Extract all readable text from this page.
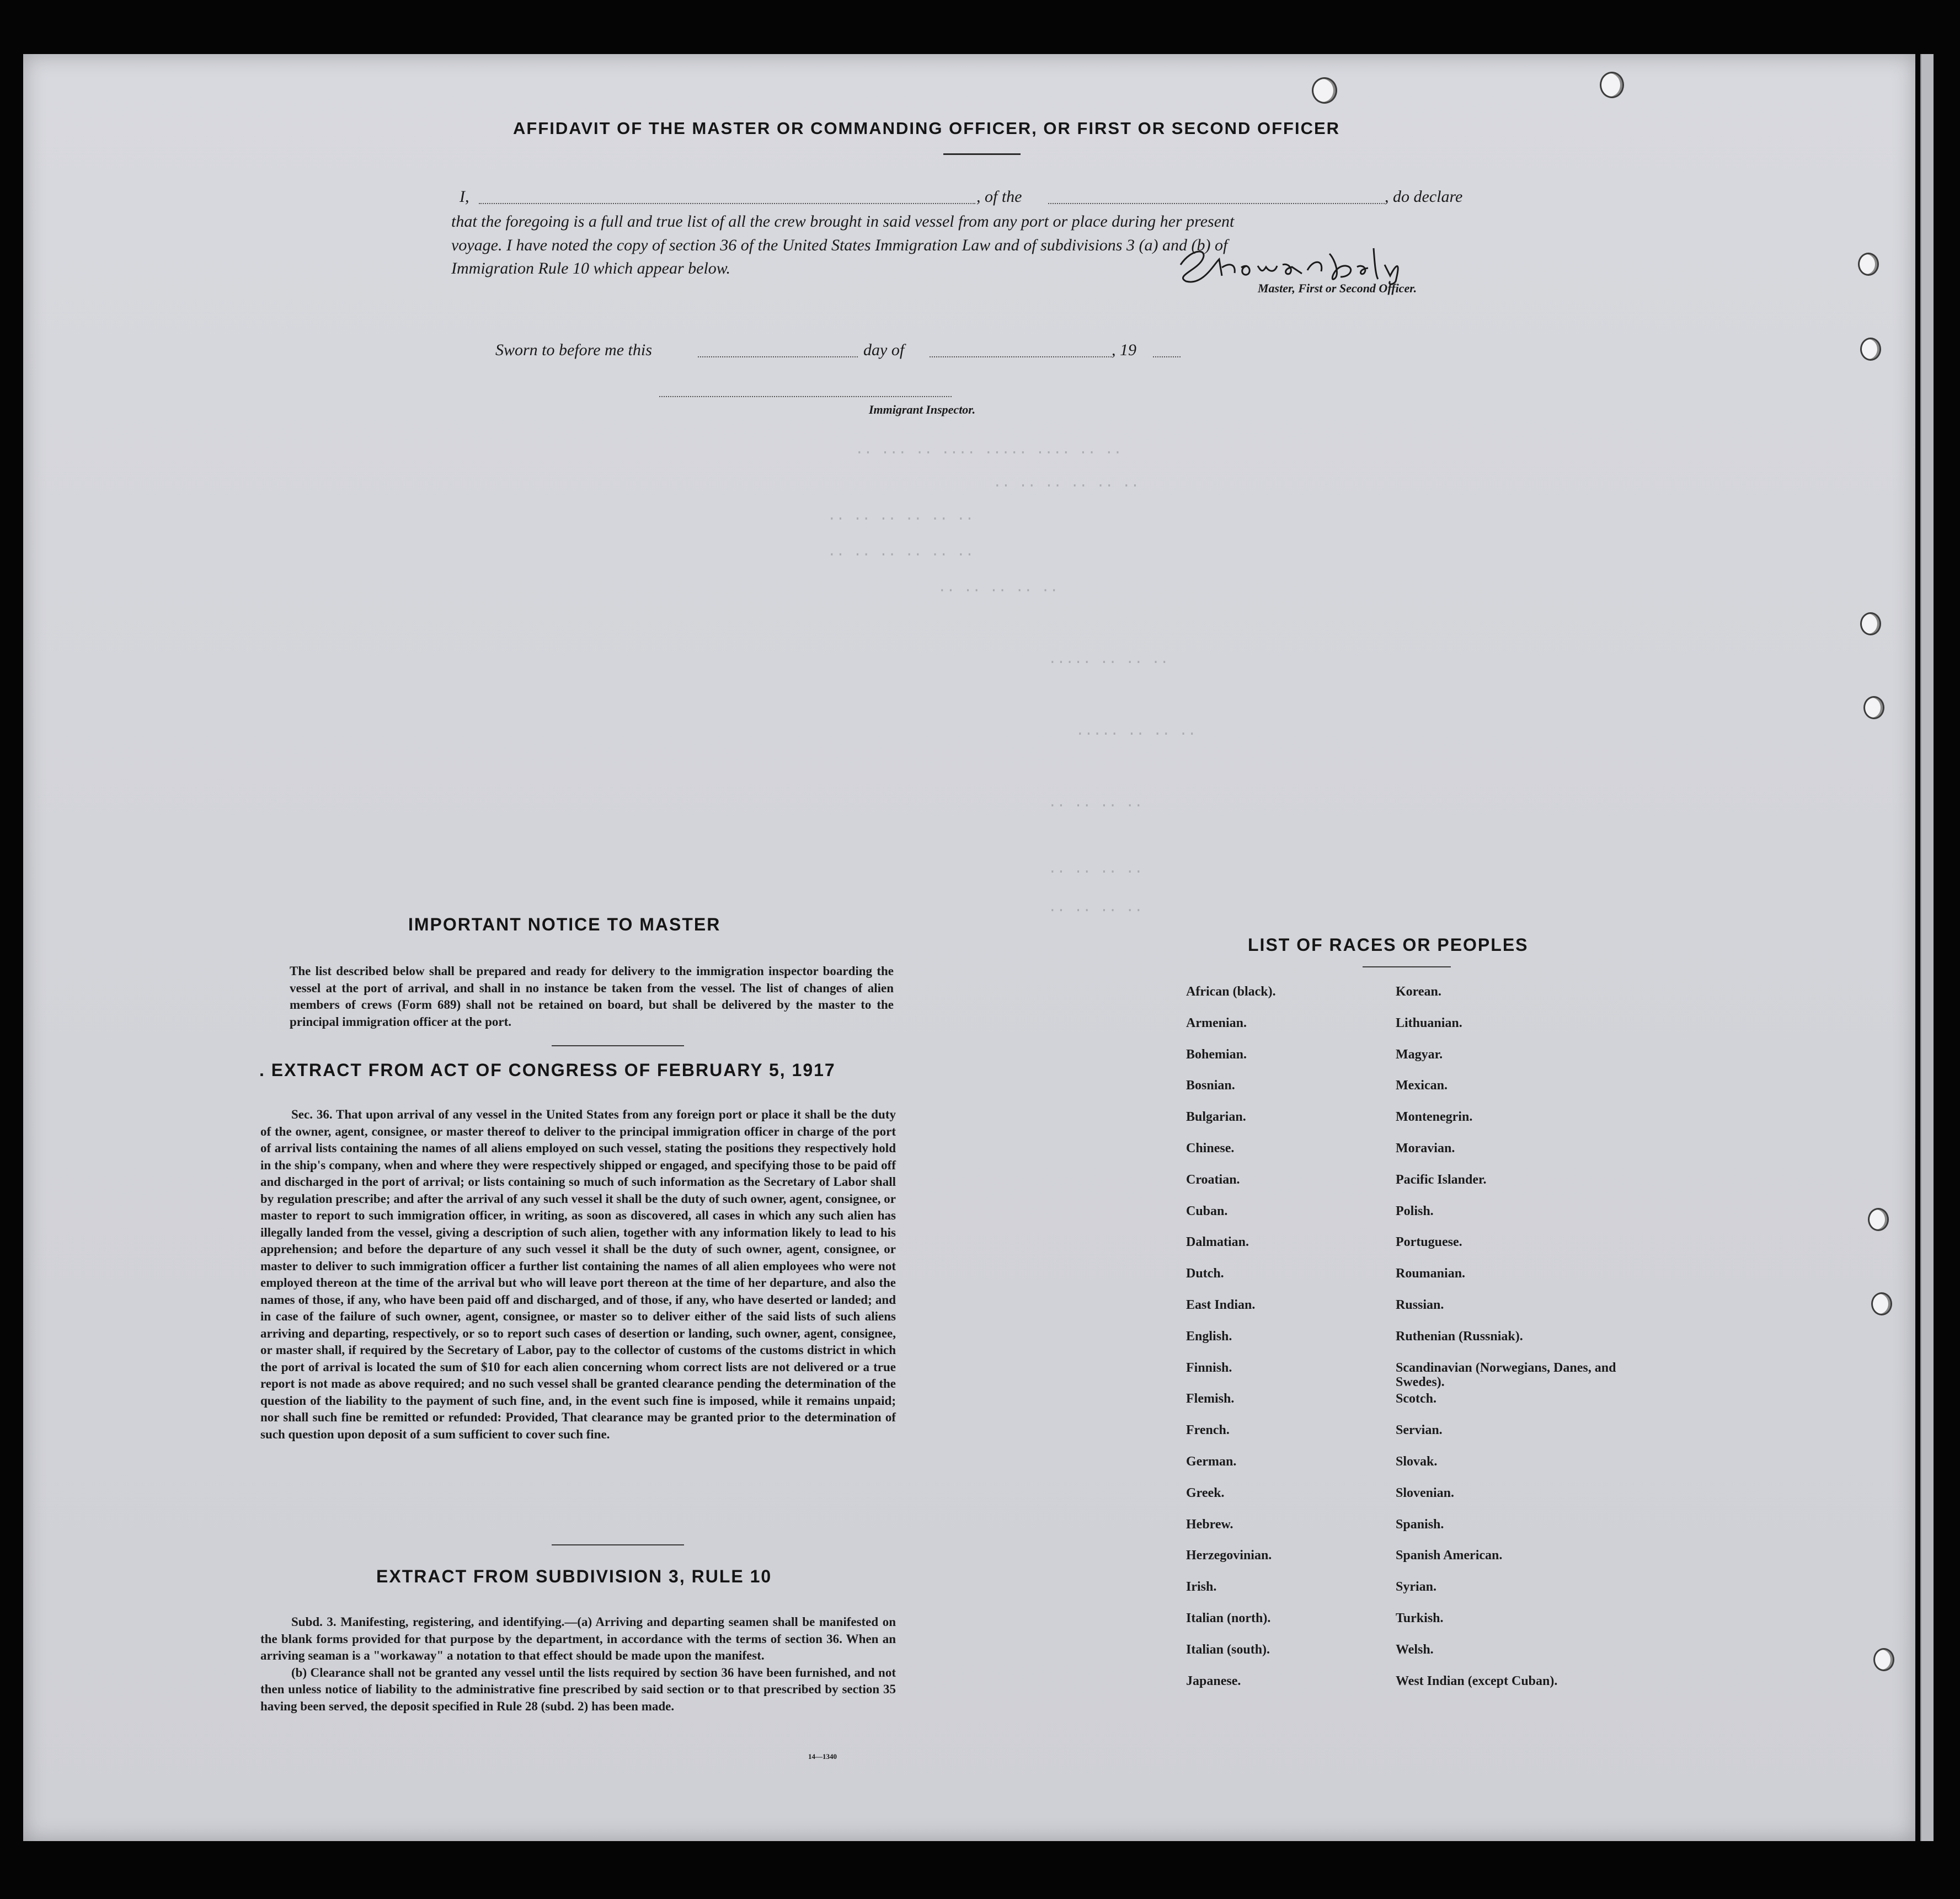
AFFIDAVIT OF THE MASTER OR COMMANDING OFFICER, OR FIRST OR SECOND OFFICER
I,	, of the	, do declare
that the foregoing is a full and true list of all the crew brought in said vessel from any port or place during her present
voyage. I have noted the copy of section 36 of the United States Immigration Law and of subdivisions 3 (a) and (b) of
Immigration Rule 10 which appear below.
Master, First or Second Officer.
Sworn to before me this	day of	, 19
Immigrant Inspector.
.. ... .. .... ..... .... .. ..
.. .. .. .. .. ..
.. .. .. .. .. ..
.. .. .. .. .. ..
.. .. .. .. ..
..... .. .. ..
..... .. .. ..
.. .. .. ..
.. .. .. ..
.. .. .. ..
IMPORTANT NOTICE TO MASTER
The list described below shall be prepared and ready for delivery to the immigration inspector boarding the vessel at the port of arrival, and shall in no instance be taken from the vessel. The list of changes of alien members of crews (Form 689) shall not be retained on board, but shall be delivered by the master to the principal immigration officer at the port.
. EXTRACT FROM ACT OF CONGRESS OF FEBRUARY 5, 1917
Sec. 36. That upon arrival of any vessel in the United States from any foreign port or place it shall be the duty of the owner, agent, consignee, or master thereof to deliver to the principal immigration officer in charge of the port of arrival lists containing the names of all aliens employed on such vessel, stating the positions they respectively hold in the ship's company, when and where they were respectively shipped or engaged, and specifying those to be paid off and discharged in the port of arrival; or lists containing so much of such information as the Secretary of Labor shall by regulation prescribe; and after the arrival of any such vessel it shall be the duty of such owner, agent, consignee, or master to report to such immigration officer, in writing, as soon as discovered, all cases in which any such alien has illegally landed from the vessel, giving a description of such alien, together with any information likely to lead to his apprehension; and before the departure of any such vessel it shall be the duty of such owner, agent, consignee, or master to deliver to such immigration officer a further list containing the names of all alien employees who were not employed thereon at the time of the arrival but who will leave port thereon at the time of her departure, and also the names of those, if any, who have been paid off and discharged, and of those, if any, who have deserted or landed; and in case of the failure of such owner, agent, consignee, or master so to deliver either of the said lists of such aliens arriving and departing, respectively, or so to report such cases of desertion or landing, such owner, agent, consignee, or master shall, if required by the Secretary of Labor, pay to the collector of customs of the customs district in which the port of arrival is located the sum of $10 for each alien concerning whom correct lists are not delivered or a true report is not made as above required; and no such vessel shall be granted clearance pending the determination of the question of the liability to the payment of such fine, and, in the event such fine is imposed, while it remains unpaid; nor shall such fine be remitted or refunded: Provided, That clearance may be granted prior to the determination of such question upon deposit of a sum sufficient to cover such fine.
EXTRACT FROM SUBDIVISION 3, RULE 10

Subd. 3. Manifesting, registering, and identifying.—(a) Arriving and departing seamen shall be manifested on the blank forms provided for that purpose by the department, in accordance with the terms of section 36. When an arriving seaman is a "workaway" a notation to that effect should be made upon the manifest.

(b) Clearance shall not be granted any vessel until the lists required by section 36 have been furnished, and not then unless notice of liability to the administrative fine prescribed by said section or to that prescribed by section 35 having been served, the deposit specified in Rule 28 (subd. 2) has been made.

14—1340
LIST OF RACES OR PEOPLES
African (black).	Korean.
Armenian.	Lithuanian.
Bohemian.	Magyar.
Bosnian.	Mexican.
Bulgarian.	Montenegrin.
Chinese.	Moravian.
Croatian.	Pacific Islander.
Cuban.	Polish.
Dalmatian.	Portuguese.
Dutch.	Roumanian.
East Indian.	Russian.
English.	Ruthenian (Russniak).
Finnish.	Scandinavian (Norwegians, Danes, and Swedes).
Flemish.	Scotch.
French.	Servian.
German.	Slovak.
Greek.	Slovenian.
Hebrew.	Spanish.
Herzegovinian.	Spanish American.
Irish.	Syrian.
Italian (north).	Turkish.
Italian (south).	Welsh.
Japanese.	West Indian (except Cuban).
